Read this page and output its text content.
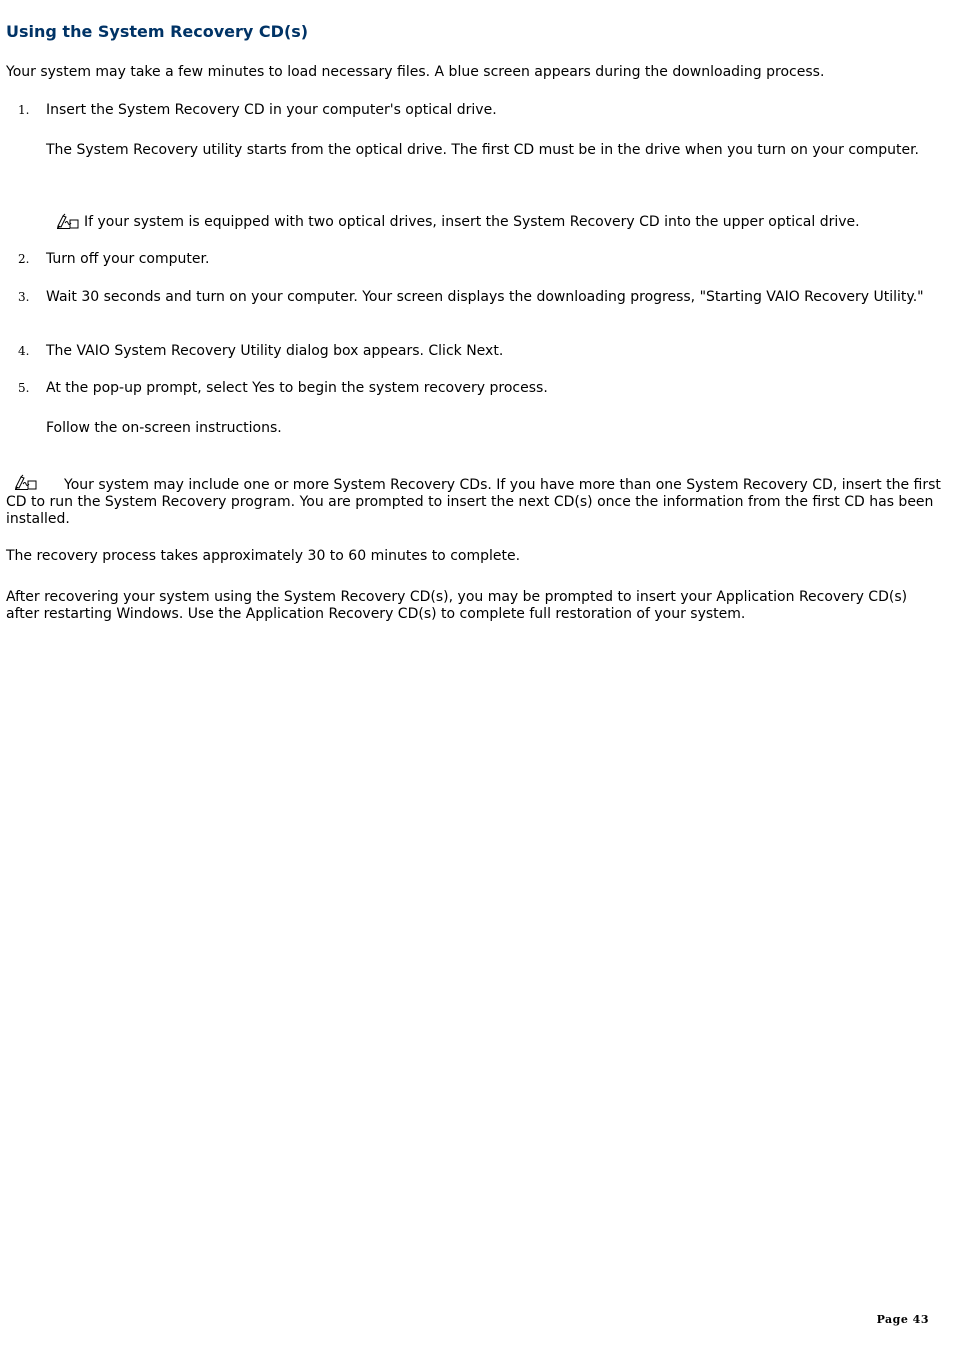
Using the System Recovery CD(s)

Your system may take a few minutes to load necessary files. A blue screen appears during the downloading process.

1. Insert the System Recovery CD in your computer's optical drive.
The System Recovery utility starts from the optical drive. The first CD must be in the drive when you turn on your computer.
If your system is equipped with two optical drives, insert the System Recovery CD into the upper optical drive.
2. Turn off your computer.
3. Wait 30 seconds and turn on your computer. Your screen displays the downloading progress, "Starting VAIO Recovery Utility."
4. The VAIO System Recovery Utility dialog box appears. Click Next.
5. At the pop-up prompt, select Yes to begin the system recovery process.
Follow the on-screen instructions.
Your system may include one or more System Recovery CDs. If you have more than one System Recovery CD, insert the first CD to run the System Recovery program. You are prompted to insert the next CD(s) once the information from the first CD has been installed.

The recovery process takes approximately 30 to 60 minutes to complete.

After recovering your system using the System Recovery CD(s), you may be prompted to insert your Application Recovery CD(s) after restarting Windows. Use the Application Recovery CD(s) to complete full restoration of your system.

Page 43
